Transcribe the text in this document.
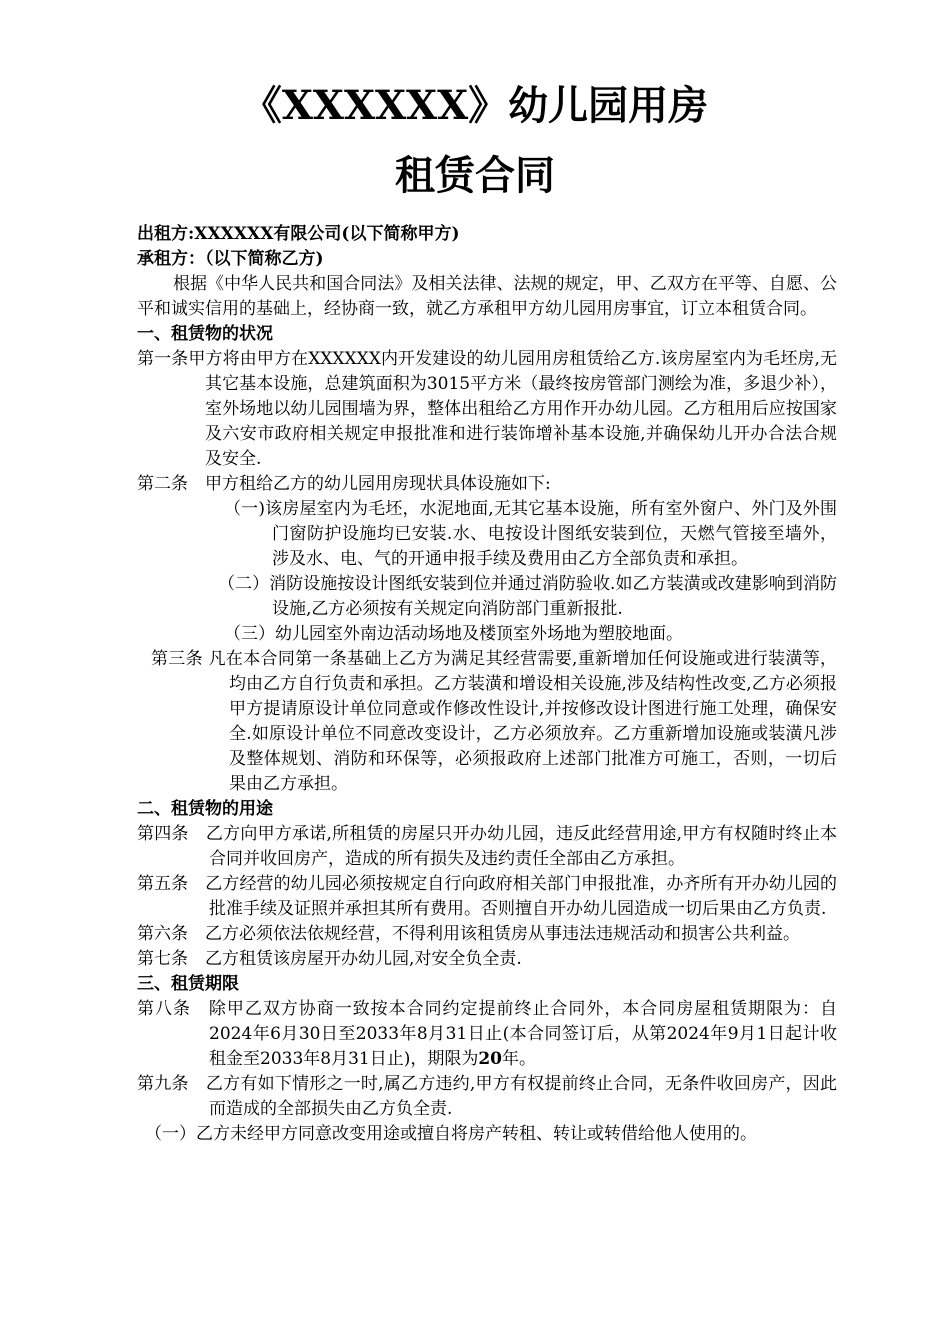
《XXXXXX》幼儿园用房
租赁合同

出租方:XXXXXX有限公司(以下简称甲方)

承租方：（以下简称乙方)

根据《中华人民共和国合同法》及相关法律、法规的规定，甲、乙双方在平等、自愿、公平和诚实信用的基础上，经协商一致，就乙方承租甲方幼儿园用房事宜，订立本租赁合同。

一、租赁物的状况

第一条甲方将由甲方在XXXXXX内开发建设的幼儿园用房租赁给乙方.该房屋室内为毛坯房,无其它基本设施，总建筑面积为3015平方米（最终按房管部门测绘为准，多退少补），室外场地以幼儿园围墙为界，整体出租给乙方用作开办幼儿园。乙方租用后应按国家及六安市政府相关规定申报批准和进行装饰增补基本设施,并确保幼儿开办合法合规及安全.

第二条　甲方租给乙方的幼儿园用房现状具体设施如下:

（一)该房屋室内为毛坯，水泥地面,无其它基本设施，所有室外窗户、外门及外围门窗防护设施均已安装.水、电按设计图纸安装到位，天燃气管接至墙外，涉及水、电、气的开通申报手续及费用由乙方全部负责和承担。

（二）消防设施按设计图纸安装到位并通过消防验收.如乙方装潢或改建影响到消防设施,乙方必须按有关规定向消防部门重新报批.

（三）幼儿园室外南边活动场地及楼顶室外场地为塑胶地面。

第三条 凡在本合同第一条基础上乙方为满足其经营需要,重新增加任何设施或进行装潢等，均由乙方自行负责和承担。乙方装潢和增设相关设施,涉及结构性改变,乙方必须报甲方提请原设计单位同意或作修改性设计,并按修改设计图进行施工处理，确保安全.如原设计单位不同意改变设计，乙方必须放弃。乙方重新增加设施或装潢凡涉及整体规划、消防和环保等，必须报政府上述部门批准方可施工，否则，一切后果由乙方承担。

二、租赁物的用途

第四条　乙方向甲方承诺,所租赁的房屋只开办幼儿园，违反此经营用途,甲方有权随时终止本合同并收回房产，造成的所有损失及违约责任全部由乙方承担。

第五条　乙方经营的幼儿园必须按规定自行向政府相关部门申报批准，办齐所有开办幼儿园的批准手续及证照并承担其所有费用。否则擅自开办幼儿园造成一切后果由乙方负责.

第六条　乙方必须依法依规经营，不得利用该租赁房从事违法违规活动和损害公共利益。

第七条　乙方租赁该房屋开办幼儿园,对安全负全责.

三、租赁期限

第八条　除甲乙双方协商一致按本合同约定提前终止合同外，本合同房屋租赁期限为：自2024年6月30日至2033年8月31日止(本合同签订后，从第2024年9月1日起计收租金至2033年8月31日止)，期限为20年。

第九条　乙方有如下情形之一时,属乙方违约,甲方有权提前终止合同，无条件收回房产，因此而造成的全部损失由乙方负全责.

（一）乙方未经甲方同意改变用途或擅自将房产转租、转让或转借给他人使用的。
